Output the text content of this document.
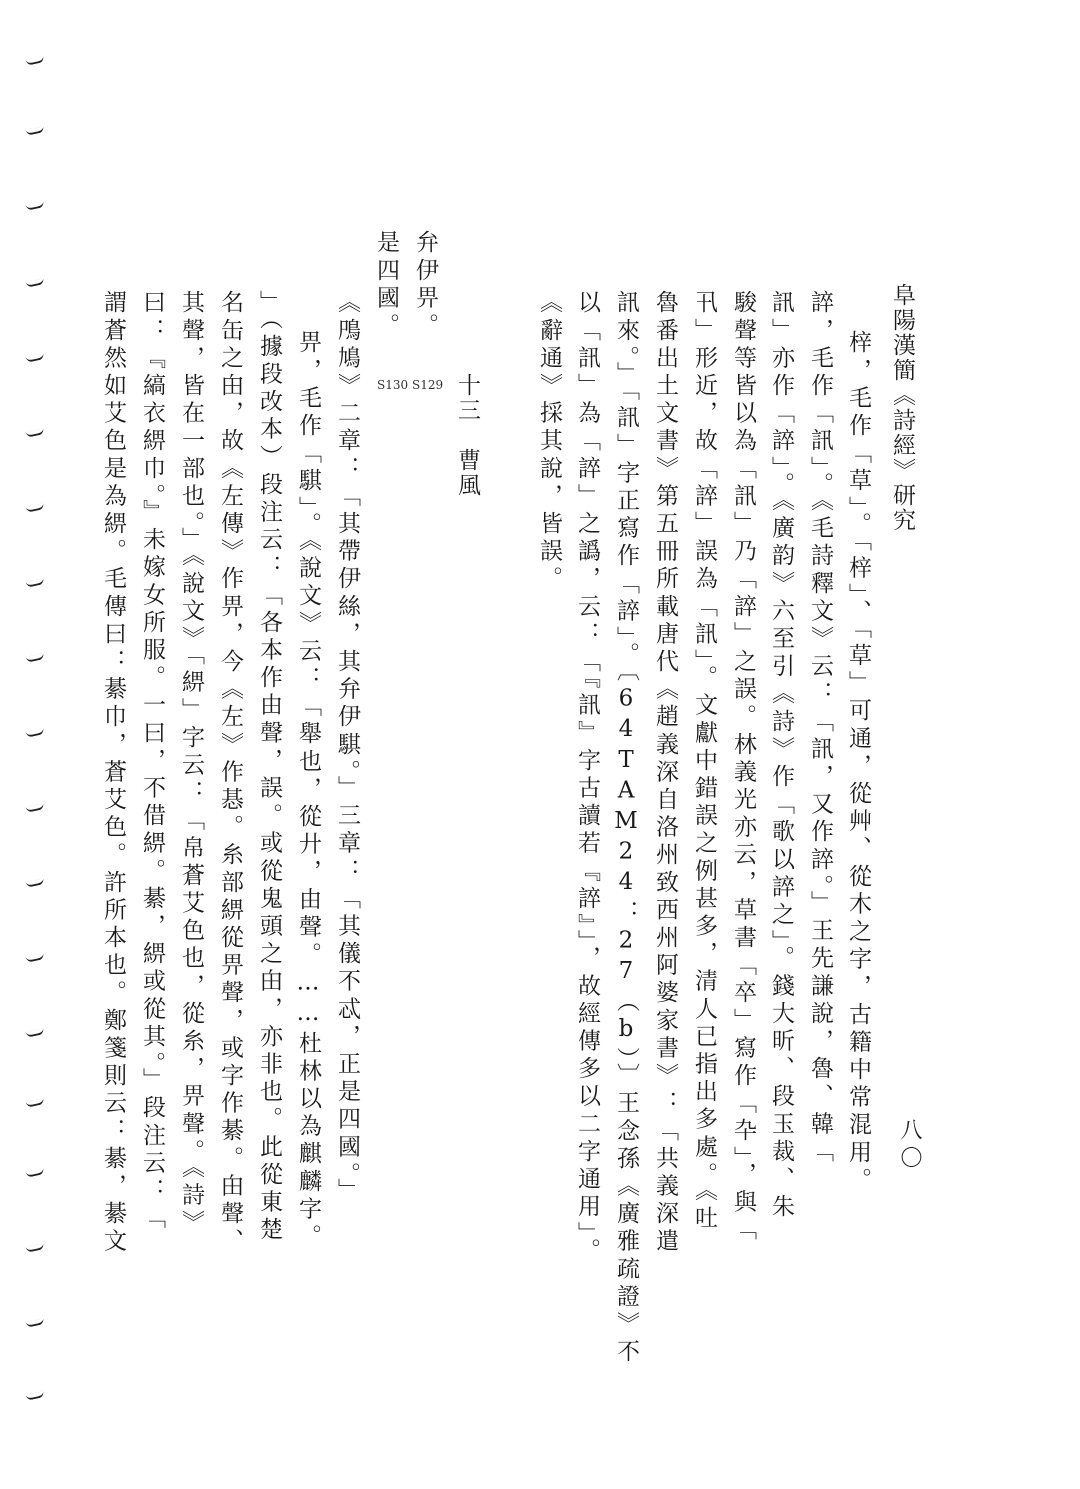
阜陽漢簡《詩經》研究
八〇
梓，毛作「草」。「梓」、「草」可通，從艸、從木之字，古籍中常混用。
誶，毛作「訊」。《毛詩釋文》云：「訊，又作誶。」王先謙說，魯、韓「
訊」亦作「誶」。《廣韵》六至引《詩》作「歌以誶之」。錢大昕、段玉裁、朱
駿聲等皆以為「訊」乃「誶」之誤。林義光亦云，草書「卒」寫作「卆」，與「
卂」形近，故「誶」誤為「訊」。文獻中錯誤之例甚多，清人已指出多處。《吐
魯番出土文書》第五冊所載唐代《趙義深自洛州致西州阿婆家書》：「共義深遣
訊來。」「訊」字正寫作「誶」。〔64TAM24：27（b）〕王念孫《廣雅疏證》不
以「訊」為「誶」之譌，云：「『訊』字古讀若『誶』」，故經傳多以二字通用」。
《辭通》採其說，皆誤。
十三　曹風
S129
S130
弁伊畀。
是四國。
《鳲鳩》二章：「其帶伊絲，其弁伊騏。」三章：「其儀不忒，正是四國。」
畀，毛作「騏」。《說文》云：「舉也，從廾，由聲。……杜林以為麒麟字。
」（據段改本）段注云：「各本作由聲，誤。或從鬼頭之甶，亦非也。此從東楚
名缶之甶，故《左傳》作畀，今《左》作惎。糸部綥從畀聲，或字作綦。甶聲、
其聲，皆在一部也。」《說文》「綥」字云：「帛蒼艾色也，從糸，畀聲。《詩》
曰：『縞衣綥巾。』未嫁女所服。一曰，不借綥。綦，綥或從其。」段注云：「
謂蒼然如艾色是為綥。毛傳曰：綦巾，蒼艾色。許所本也。鄭箋則云：綦，綦文
